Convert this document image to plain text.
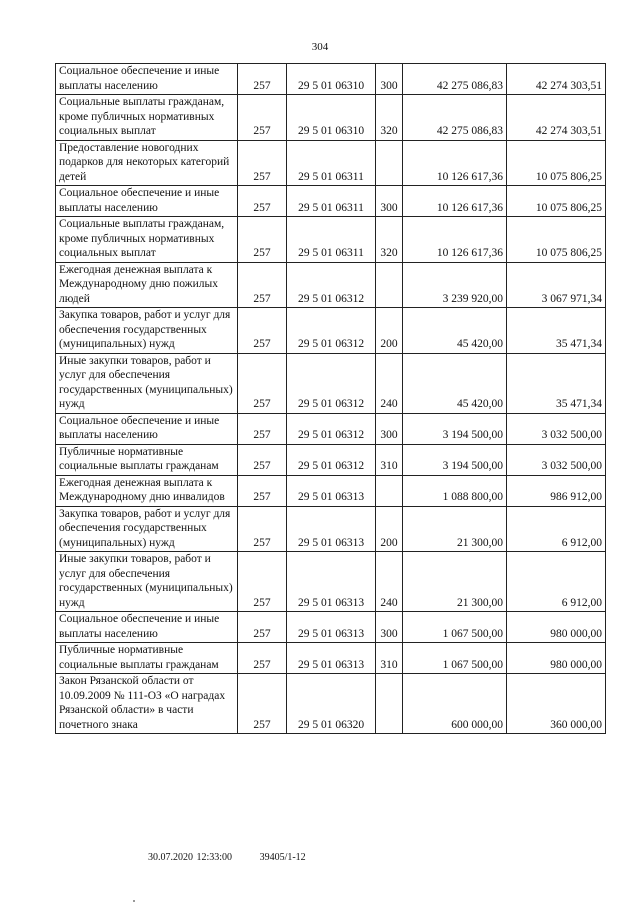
304
Социальное обеспечение и иные выплаты населению	257	29 5 01 06310	300	42 275 086,83	42 274 303,51
Социальные выплаты гражданам, кроме публичных нормативных социальных выплат	257	29 5 01 06310	320	42 275 086,83	42 274 303,51
Предоставление новогодних подарков для некоторых категорий детей	257	29 5 01 06311		10 126 617,36	10 075 806,25
Социальное обеспечение и иные выплаты населению	257	29 5 01 06311	300	10 126 617,36	10 075 806,25
Социальные выплаты гражданам, кроме публичных нормативных социальных выплат	257	29 5 01 06311	320	10 126 617,36	10 075 806,25
Ежегодная денежная выплата к Международному дню пожилых людей	257	29 5 01 06312		3 239 920,00	3 067 971,34
Закупка товаров, работ и услуг для обеспечения государственных (муниципальных) нужд	257	29 5 01 06312	200	45 420,00	35 471,34
Иные закупки товаров, работ и услуг для обеспечения государственных (муниципальных) нужд	257	29 5 01 06312	240	45 420,00	35 471,34
Социальное обеспечение и иные выплаты населению	257	29 5 01 06312	300	3 194 500,00	3 032 500,00
Публичные нормативные социальные выплаты гражданам	257	29 5 01 06312	310	3 194 500,00	3 032 500,00
Ежегодная денежная выплата к Международному дню инвалидов	257	29 5 01 06313		1 088 800,00	986 912,00
Закупка товаров, работ и услуг для обеспечения государственных (муниципальных) нужд	257	29 5 01 06313	200	21 300,00	6 912,00
Иные закупки товаров, работ и услуг для обеспечения государственных (муниципальных) нужд	257	29 5 01 06313	240	21 300,00	6 912,00
Социальное обеспечение и иные выплаты населению	257	29 5 01 06313	300	1 067 500,00	980 000,00
Публичные нормативные социальные выплаты гражданам	257	29 5 01 06313	310	1 067 500,00	980 000,00
Закон Рязанской области от 10.09.2009 № 111-ОЗ «О наградах Рязанской области» в части почетного знака	257	29 5 01 06320		600 000,00	360 000,00
30.07.2020 12:33:00	39405/1-12
